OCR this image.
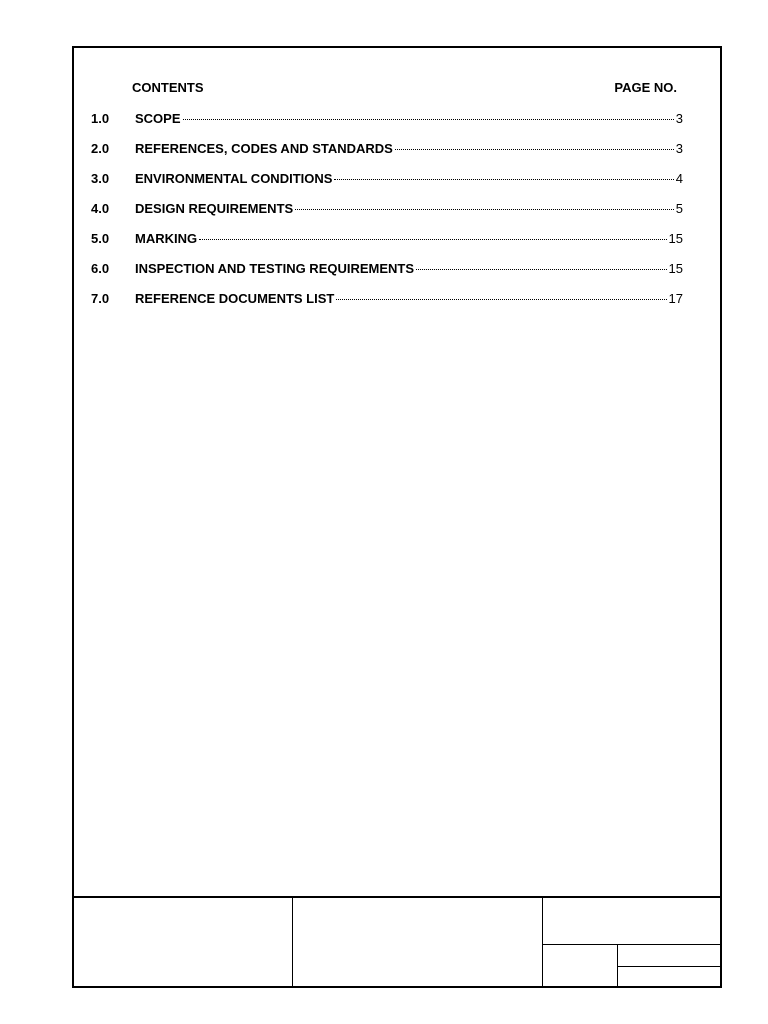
CONTENTS	PAGE NO.
1.0	SCOPE	3
2.0	REFERENCES, CODES AND STANDARDS	3
3.0	ENVIRONMENTAL CONDITIONS	4
4.0	DESIGN REQUIREMENTS	5
5.0	MARKING	15
6.0	INSPECTION AND TESTING REQUIREMENTS	15
7.0	REFERENCE DOCUMENTS LIST	17
